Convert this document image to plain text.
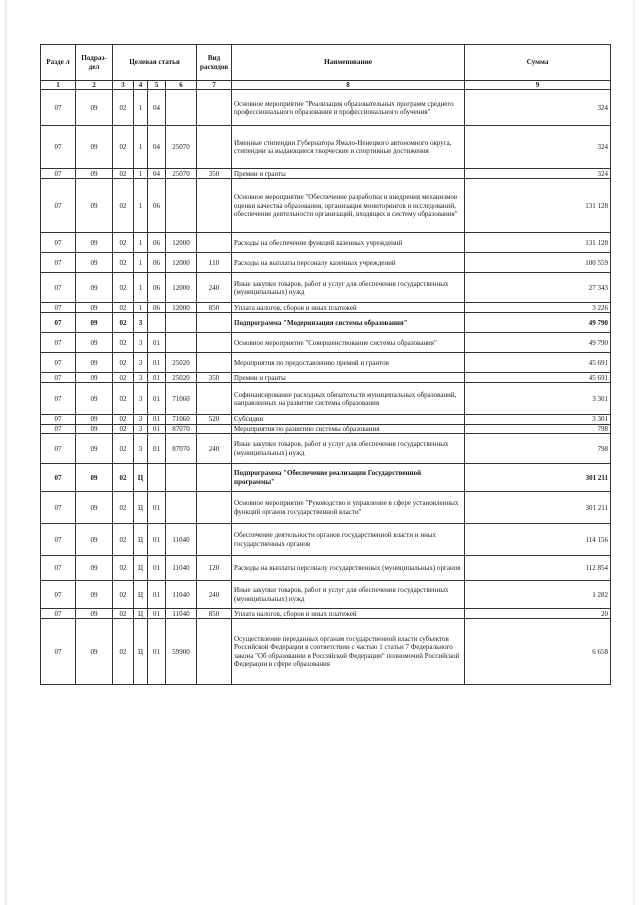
Разде л	Подраз- дел	Целевая статья				Вид расходов	Наименование	Сумма
1	2	3	4	5	6	7	8	9
07	09	02	1	04			Основное мероприятие "Реализация образовательных программ среднего профессионального образования и профессионального обучения"	324
07	09	02	1	04	25070		Именные стипендии Губернатора Ямало-Ненецкого автономного округа, стипендии за выдающиеся творческие и спортивные достижения	324
07	09	02	1	04	25070	350	Премии и гранты	324
07	09	02	1	06			Основное мероприятие "Обеспечение разработки и внедрения механизмов оценки качества образования, организация мониторингов и исследований, обеспечение деятельности организаций, входящих в систему образования"	131 128
07	09	02	1	06	12000		Расходы на обеспечение функций казенных учреждений	131 128
07	09	02	1	06	12000	110	Расходы на выплаты персоналу казенных учреждений	100 559
07	09	02	1	06	12000	240	Иные закупки товаров, работ и услуг для обеспечения государственных (муниципальных) нужд	27 343
07	09	02	1	06	12000	850	Уплата налогов, сборов и иных платежей	3 226
07	09	02	3				Подпрограмма "Модернизация системы образования"	49 790
07	09	02	3	01			Основное мероприятие "Совершенствование системы образования"	49 790
07	09	02	3	01	25020		Мероприятия по предоставлению премий и грантов	45 691
07	09	02	3	01	25020	350	Премии и гранты	45 691
07	09	02	3	01	71060		Софинансирование расходных обязательств муниципальных образований, направленных на развитие системы образования	3 301
07	09	02	3	01	71060	520	Субсидии	3 301
07	09	02	3	01	87070		Мероприятия по развитию системы образования	798
07	09	02	3	01	87070	240	Иные закупки товаров, работ и услуг для обеспечения государственных (муниципальных) нужд	798
07	09	02	Ц				Подпрограмма "Обеспечение реализации Государственной программы"	301 211
07	09	02	Ц	01			Основное мероприятие "Руководство и управление в сфере установленных функций органов государственной власти"	301 211
07	09	02	Ц	01	11040		Обеспечение деятельности органов государственной власти и иных государственных органов	114 156
07	09	02	Ц	01	11040	120	Расходы на выплаты персоналу государственных (муниципальных) органов	112 854
07	09	02	Ц	01	11040	240	Иные закупки товаров, работ и услуг для обеспечения государственных (муниципальных) нужд	1 282
07	09	02	Ц	01	11040	850	Уплата налогов, сборов и иных платежей	20
07	09	02	Ц	01	59900		Осуществление переданных органам государственной власти субъектов Российской Федерации в соответствии с частью 1 статьи 7 Федерального закона "Об образовании в Российской Федерации" полномочий Российской Федерации в сфере образования	6 658
